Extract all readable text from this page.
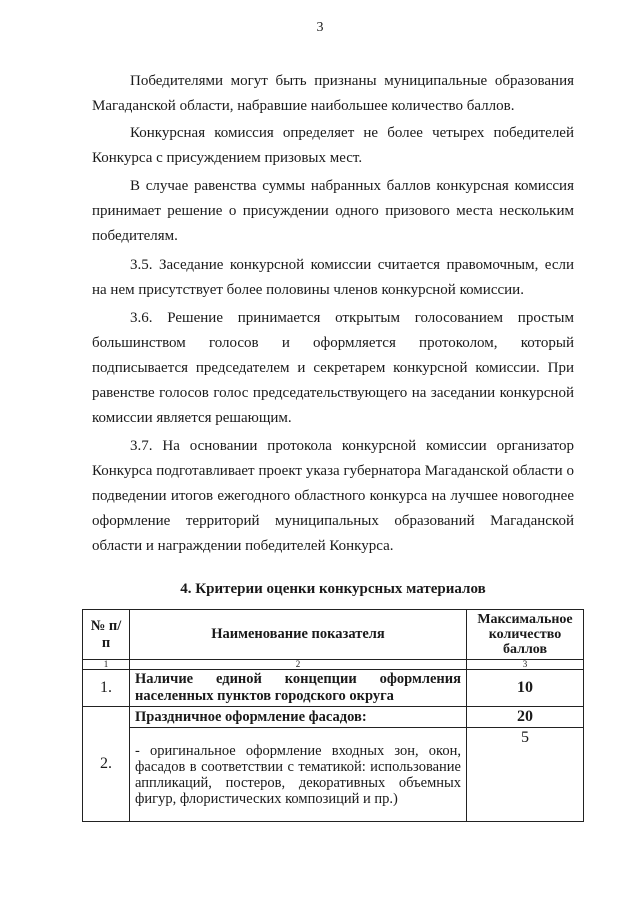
3

Победителями могут быть признаны муниципальные образования Магаданской области, набравшие наибольшее количество баллов.

Конкурсная комиссия определяет не более четырех победителей Конкурса с присуждением призовых мест.

В случае равенства суммы набранных баллов конкурсная комиссия принимает решение о присуждении одного призового места нескольким победителям.

3.5. Заседание конкурсной комиссии считается правомочным, если на нем присутствует более половины членов конкурсной комиссии.

3.6. Решение принимается открытым голосованием простым большинством голосов и оформляется протоколом, который подписывается председателем и секретарем конкурсной комиссии. При равенстве голосов голос председательствующего на заседании конкурсной комиссии является решающим.

3.7. На основании протокола конкурсной комиссии организатор Конкурса подготавливает проект указа губернатора Магаданской области о подведении итогов ежегодного областного конкурса на лучшее новогоднее оформление территорий муниципальных образований Магаданской области и награждении победителей Конкурса.

4. Критерии оценки конкурсных материалов
№ п/п	Наименование показателя	Максимальное количество баллов
1	2	3
1.	Наличие единой концепции оформления населенных пунктов городского округа	10
2.	Праздничное оформление фасадов:	20
	- оригинальное оформление входных зон, окон, фасадов в соответствии с тематикой: использование аппликаций, постеров, декоративных объемных фигур, флористических композиций и пр.)	5
